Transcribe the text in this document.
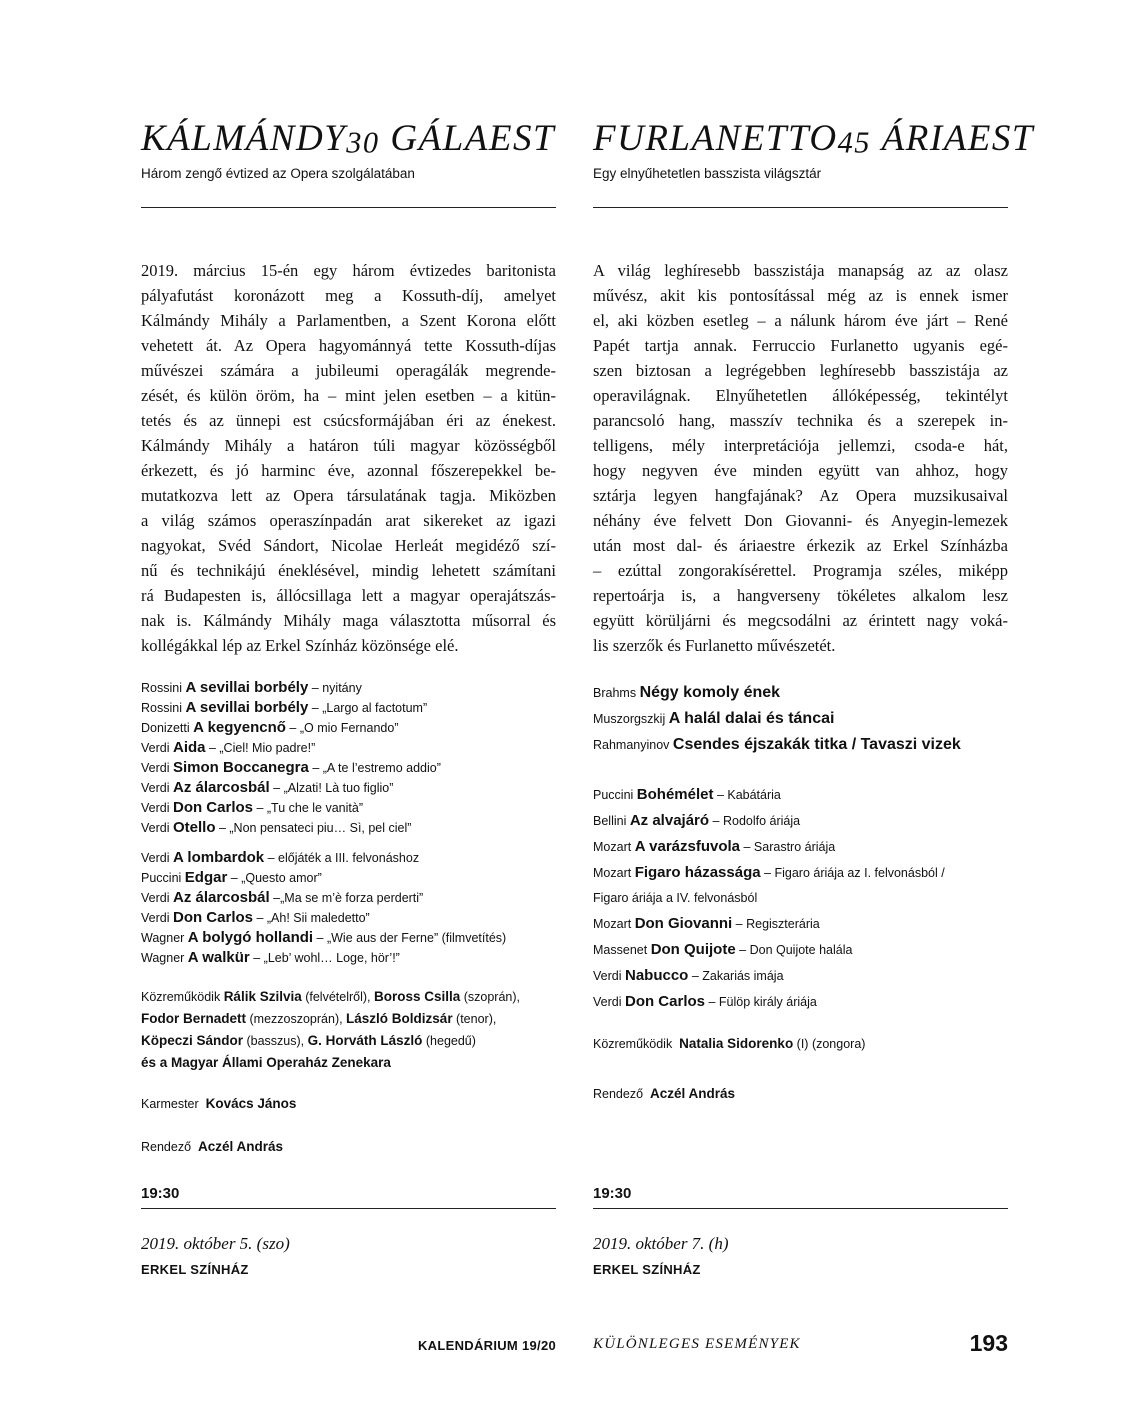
KÁLMÁNDY30 GÁLAEST
Három zengő évtized az Opera szolgálatában
2019. március 15-én egy három évtizedes baritonista
pályafutást koronázott meg a Kossuth-díj, amelyet
Kálmándy Mihály a Parlamentben, a Szent Korona előtt
vehetett át. Az Opera hagyománnyá tette Kossuth-díjas
művészei számára a jubileumi operagálák megrende-
zését, és külön öröm, ha – mint jelen esetben – a kitün-
tetés és az ünnepi est csúcsformájában éri az énekest.
Kálmándy Mihály a határon túli magyar közösségből
érkezett, és jó harminc éve, azonnal főszerepekkel be-
mutatkozva lett az Opera társulatának tagja. Miközben
a világ számos operaszínpadán arat sikereket az igazi
nagyokat, Svéd Sándort, Nicolae Herleát megidéző szí-
nű és technikájú éneklésével, mindig lehetett számítani
rá Budapesten is, állócsillaga lett a magyar operajátszás-
nak is. Kálmándy Mihály maga választotta műsorral és
kollégákkal lép az Erkel Színház közönsége elé.
Rossini A sevillai borbély – nyitány
Rossini A sevillai borbély – „Largo al factotum”
Donizetti A kegyencnő – „O mio Fernando”
Verdi Aida – „Ciel! Mio padre!”
Verdi Simon Boccanegra – „A te l’estremo addio”
Verdi Az álarcosbál – „Alzati! Là tuo figlio”
Verdi Don Carlos – „Tu che le vanità”
Verdi Otello – „Non pensateci piu… Sì, pel ciel”
Verdi A lombardok – előjáték a III. felvonáshoz
Puccini Edgar – „Questo amor”
Verdi Az álarcosbál –„Ma se m’è forza perderti”
Verdi Don Carlos – „Ah! Sii maledetto”
Wagner A bolygó hollandi – „Wie aus der Ferne” (filmvetítés)
Wagner A walkür – „Leb’ wohl… Loge, hör’!”
Közreműködik Rálik Szilvia (felvételről), Boross Csilla (szoprán),
Fodor Bernadett (mezzoszoprán), László Boldizsár (tenor),
Köpeczi Sándor (basszus), G. Horváth László (hegedű)
és a Magyar Állami Operaház Zenekara
Karmester Kovács János
Rendező Aczél András
19:30
2019. október 5. (szo)
ERKEL SZÍNHÁZ
FURLANETTO45 ÁRIAEST
Egy elnyűhetetlen basszista világsztár
A világ leghíresebb basszistája manapság az az olasz
művész, akit kis pontosítással még az is ennek ismer
el, aki közben esetleg – a nálunk három éve járt – René
Papét tartja annak. Ferruccio Furlanetto ugyanis egé-
szen biztosan a legrégebben leghíresebb basszistája az
operavilágnak. Elnyűhetetlen állóképesség, tekintélyt
parancsoló hang, masszív technika és a szerepek in-
telligens, mély interpretációja jellemzi, csoda-e hát,
hogy negyven éve minden együtt van ahhoz, hogy
sztárja legyen hangfajának? Az Opera muzsikusaival
néhány éve felvett Don Giovanni- és Anyegin-lemezek
után most dal- és áriaestre érkezik az Erkel Színházba
– ezúttal zongorakísérettel. Programja széles, miképp
repertoárja is, a hangverseny tökéletes alkalom lesz
együtt körüljárni és megcsodálni az érintett nagy voká-
lis szerzők és Furlanetto művészetét.
Brahms Négy komoly ének
Muszorgszkij A halál dalai és táncai
Rahmanyinov Csendes éjszakák titka / Tavaszi vizek
Puccini Bohémélet – Kabátária
Bellini Az alvajáró – Rodolfo áriája
Mozart A varázsfuvola – Sarastro áriája
Mozart Figaro házassága – Figaro áriája az I. felvonásból /
Figaro áriája a IV. felvonásból
Mozart Don Giovanni – Regiszterária
Massenet Don Quijote – Don Quijote halála
Verdi Nabucco – Zakariás imája
Verdi Don Carlos – Fülöp király áriája
Közreműködik Natalia Sidorenko (I) (zongora)
Rendező Aczél András
19:30
2019. október 7. (h)
ERKEL SZÍNHÁZ
KALENDÁRIUM 19/20 KÜLÖNLEGES ESEMÉNYEK	193
